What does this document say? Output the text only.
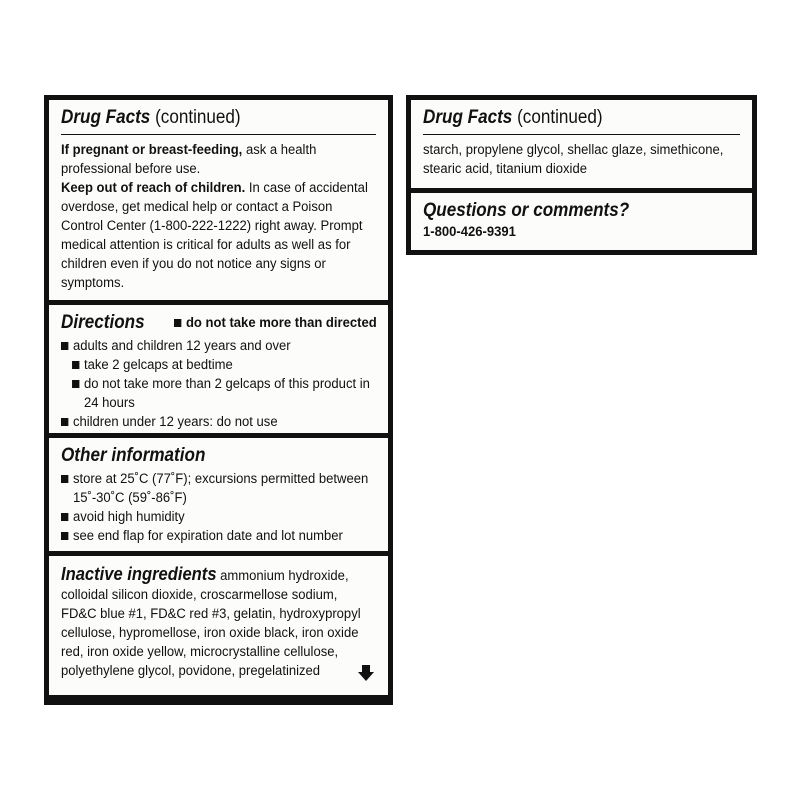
Drug Facts (continued)
If pregnant or breast-feeding, ask a health professional before use.
Keep out of reach of children. In case of accidental overdose, get medical help or contact a Poison Control Center (1-800-222-1222) right away. Prompt medical attention is critical for adults as well as for children even if you do not notice any signs or symptoms.
Directions	do not take more than directed
adults and children 12 years and over
take 2 gelcaps at bedtime
do not take more than 2 gelcaps of this product in 24 hours
children under 12 years: do not use
Other information
store at 25˚C (77˚F); excursions permitted between 15˚-30˚C (59˚-86˚F)
avoid high humidity
see end flap for expiration date and lot number
Inactive ingredients ammonium hydroxide, colloidal silicon dioxide, croscarmellose sodium, FD&C blue #1, FD&C red #3, gelatin, hydroxypropyl cellulose, hypromellose, iron oxide black, iron oxide red, iron oxide yellow, microcrystalline cellulose, polyethylene glycol, povidone, pregelatinized
Drug Facts (continued)
starch, propylene glycol, shellac glaze, simethicone, stearic acid, titanium dioxide
Questions or comments?
1-800-426-9391
